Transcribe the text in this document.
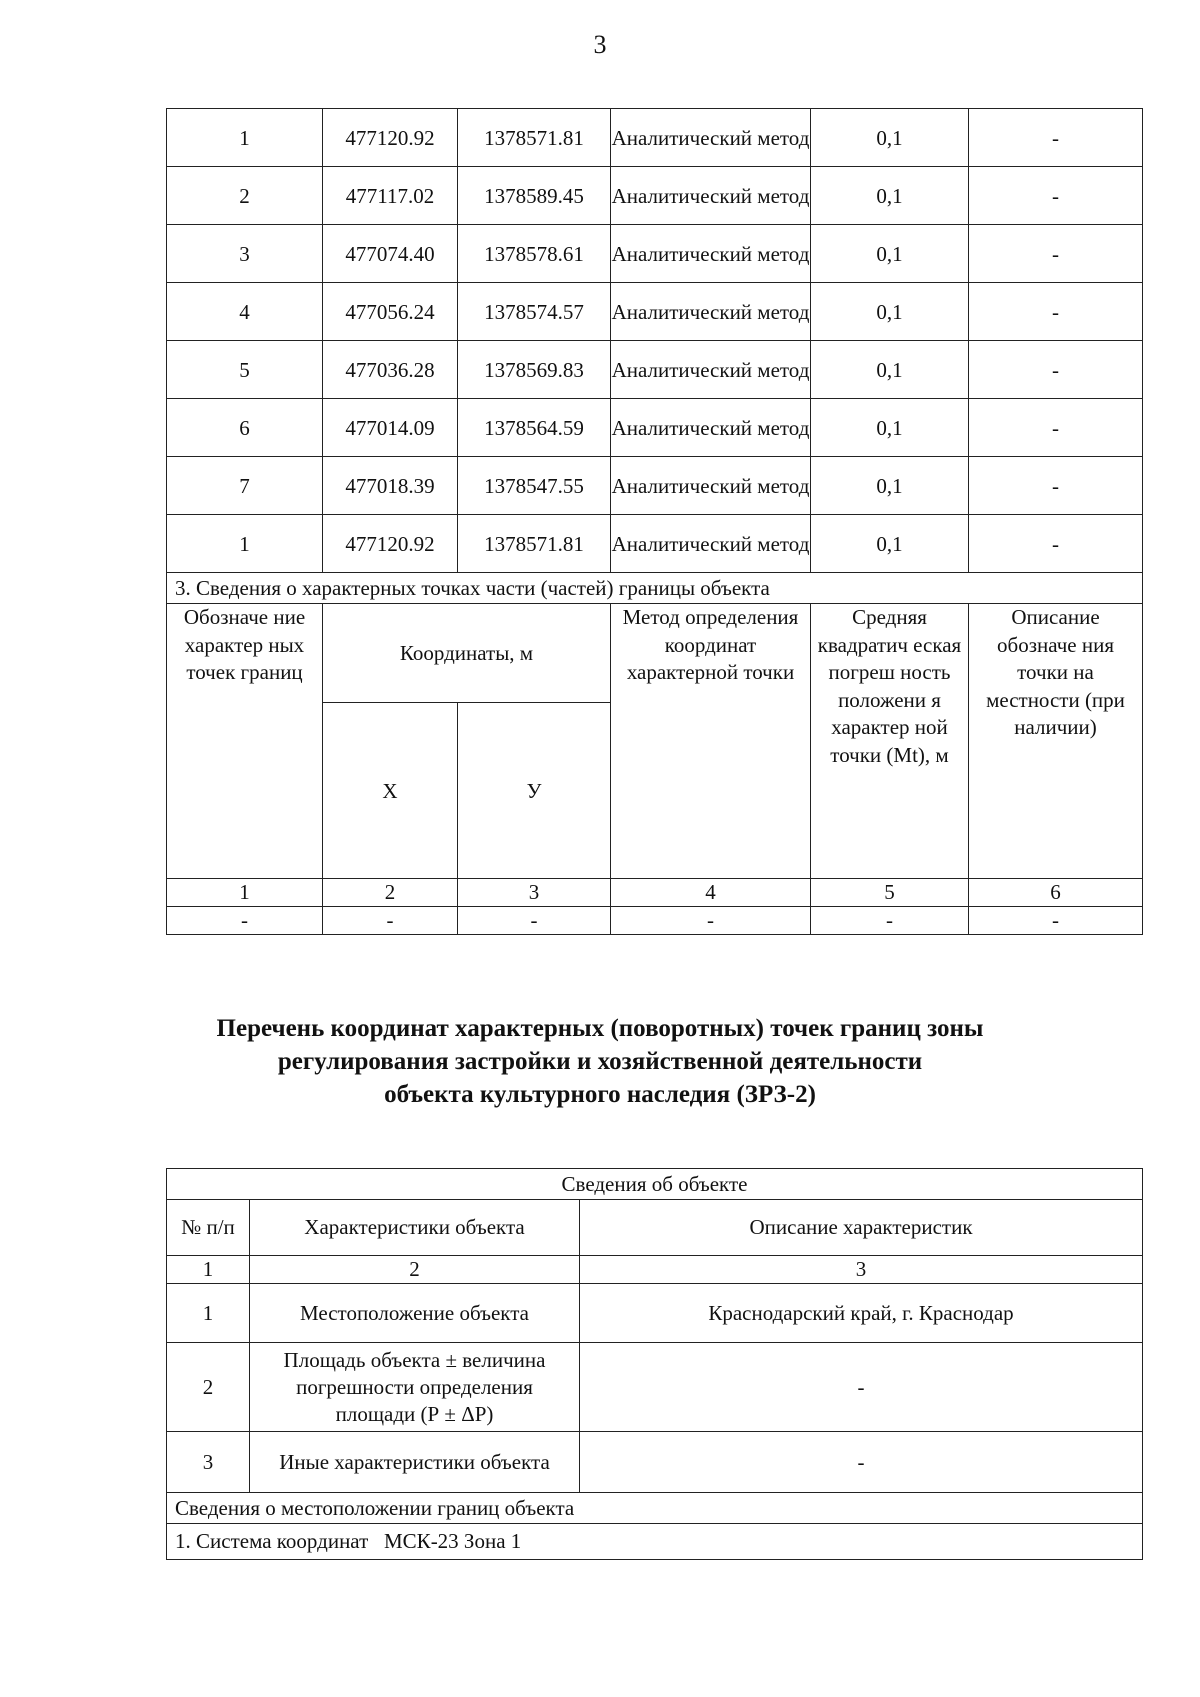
3
1	477120.92	1378571.81	Аналитический метод	0,1	-
2	477117.02	1378589.45	Аналитический метод	0,1	-
3	477074.40	1378578.61	Аналитический метод	0,1	-
4	477056.24	1378574.57	Аналитический метод	0,1	-
5	477036.28	1378569.83	Аналитический метод	0,1	-
6	477014.09	1378564.59	Аналитический метод	0,1	-
7	477018.39	1378547.55	Аналитический метод	0,1	-
1	477120.92	1378571.81	Аналитический метод	0,1	-
3. Сведения о характерных точках части (частей) границы объекта					
Обозначе ние характер ных точек границ	Координаты, м		Метод определения координат характерной точки	Средняя квадратич еская погреш ность положени я характер ной точки (Mt), м	Описание обозначе ния точки на местности (при наличии)
	X	У			
1	2	3	4	5	6
-	-	-	-	-	-
Перечень координат характерных (поворотных) точек границ зоны
регулирования застройки и хозяйственной деятельности
объекта культурного наследия (ЗРЗ-2)
Сведения об объекте		
№ п/п	Характеристики объекта	Описание характеристик
1	2	3
1	Местоположение объекта	Краснодарский край, г. Краснодар
2	Площадь объекта ± величина погрешности определения площади (Р ± ΔР)	-
3	Иные характеристики объекта	-
Сведения о местоположении границ объекта		
1. Система координат   МСК-23 Зона 1		
